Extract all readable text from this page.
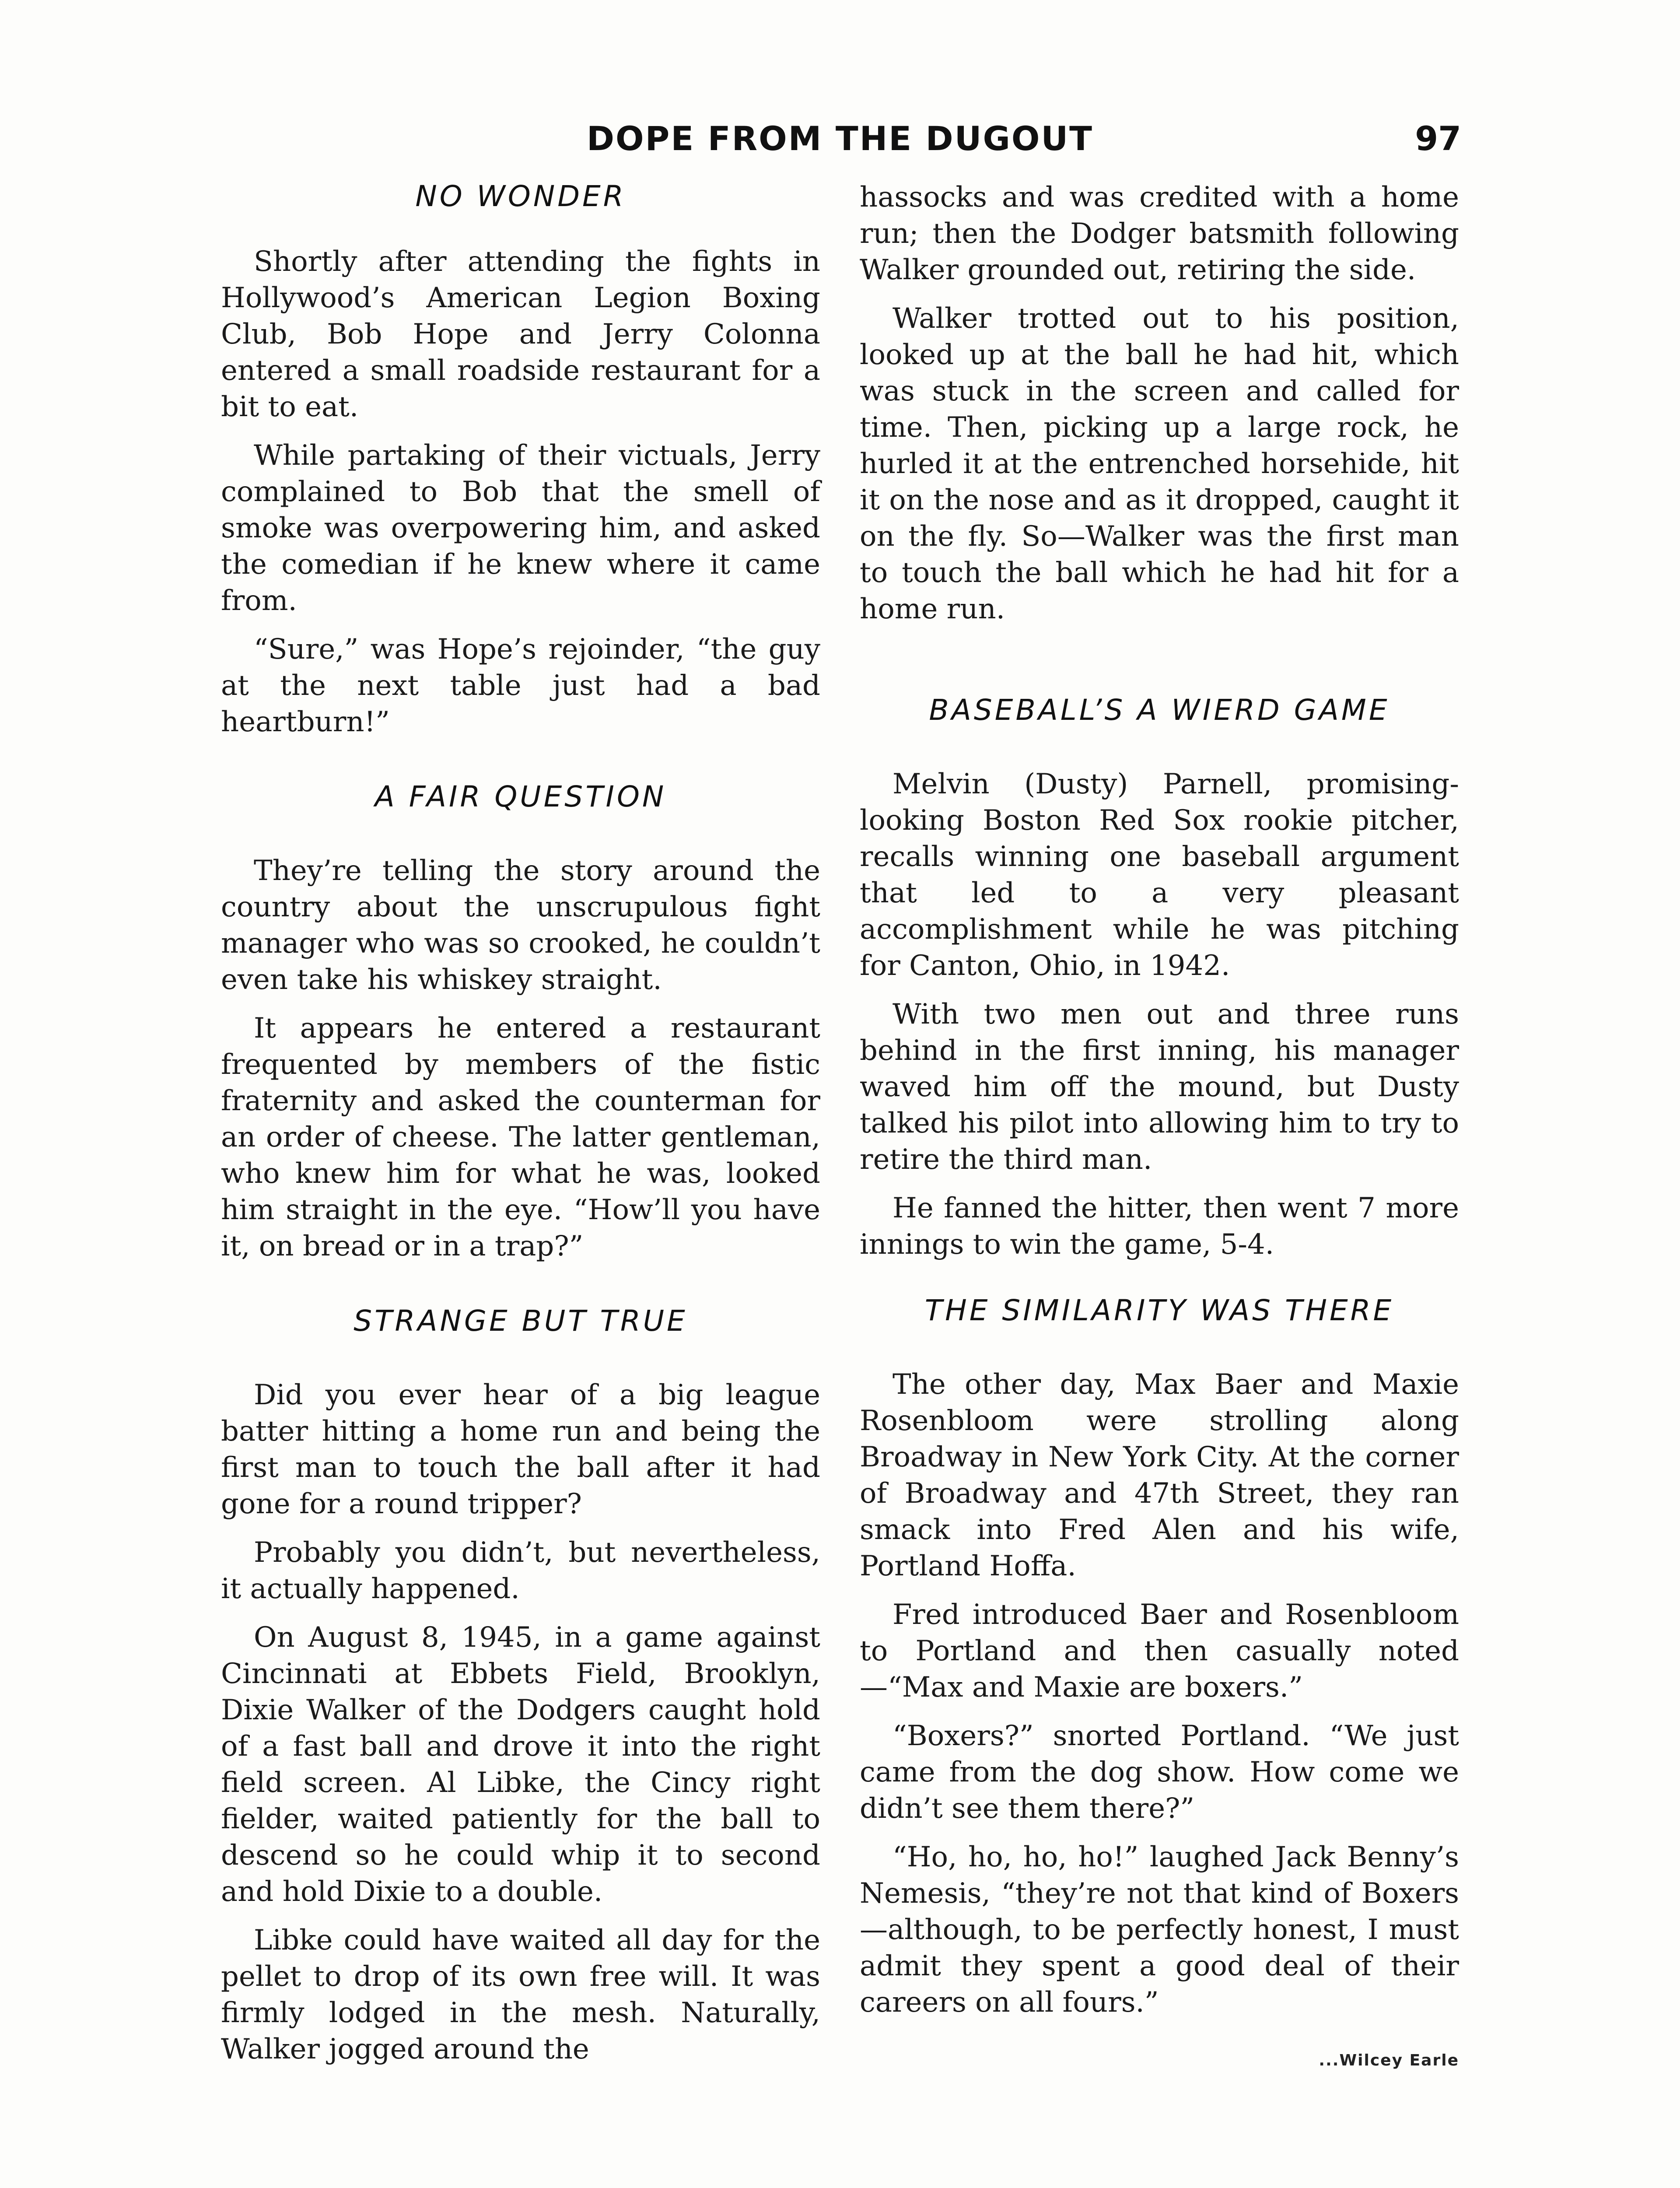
DOPE FROM THE DUGOUT	97
NO WONDER

Shortly after attending the fights in Hollywood’s American Legion Boxing Club, Bob Hope and Jerry Colonna entered a small roadside restaurant for a bit to eat.

While partaking of their victuals, Jerry complained to Bob that the smell of smoke was overpowering him, and asked the comedian if he knew where it came from.

“Sure,” was Hope’s rejoinder, “the guy at the next table just had a bad heartburn!”

A FAIR QUESTION

They’re telling the story around the country about the unscrupulous fight manager who was so crooked, he couldn’t even take his whiskey straight.

It appears he entered a restaurant frequented by members of the fistic fraternity and asked the counterman for an order of cheese. The latter gentleman, who knew him for what he was, looked him straight in the eye. “How’ll you have it, on bread or in a trap?”

STRANGE BUT TRUE

Did you ever hear of a big league batter hitting a home run and being the first man to touch the ball after it had gone for a round tripper?

Probably you didn’t, but nevertheless, it actually happened.

On August 8, 1945, in a game against Cincinnati at Ebbets Field, Brooklyn, Dixie Walker of the Dodgers caught hold of a fast ball and drove it into the right field screen. Al Libke, the Cincy right fielder, waited patiently for the ball to descend so he could whip it to second and hold Dixie to a double.

Libke could have waited all day for the pellet to drop of its own free will. It was firmly lodged in the mesh. Naturally, Walker jogged around the

hassocks and was credited with a home run; then the Dodger batsmith following Walker grounded out, retiring the side.

Walker trotted out to his position, looked up at the ball he had hit, which was stuck in the screen and called for time. Then, picking up a large rock, he hurled it at the entrenched horsehide, hit it on the nose and as it dropped, caught it on the fly. So—Walker was the first man to touch the ball which he had hit for a home run.

BASEBALL’S A WIERD GAME

Melvin (Dusty) Parnell, promising-looking Boston Red Sox rookie pitcher, recalls winning one baseball argument that led to a very pleasant accomplishment while he was pitching for Canton, Ohio, in 1942.

With two men out and three runs behind in the first inning, his manager waved him off the mound, but Dusty talked his pilot into allowing him to try to retire the third man.

He fanned the hitter, then went 7 more innings to win the game, 5-4.

THE SIMILARITY WAS THERE

The other day, Max Baer and Maxie Rosenbloom were strolling along Broadway in New York City. At the corner of Broadway and 47th Street, they ran smack into Fred Alen and his wife, Portland Hoffa.

Fred introduced Baer and Rosenbloom to Portland and then casually noted—“Max and Maxie are boxers.”

“Boxers?” snorted Portland. “We just came from the dog show. How come we didn’t see them there?”

“Ho, ho, ho, ho!” laughed Jack Benny’s Nemesis, “they’re not that kind of Boxers—although, to be perfectly honest, I must admit they spent a good deal of their careers on all fours.”

...Wilcey Earle
